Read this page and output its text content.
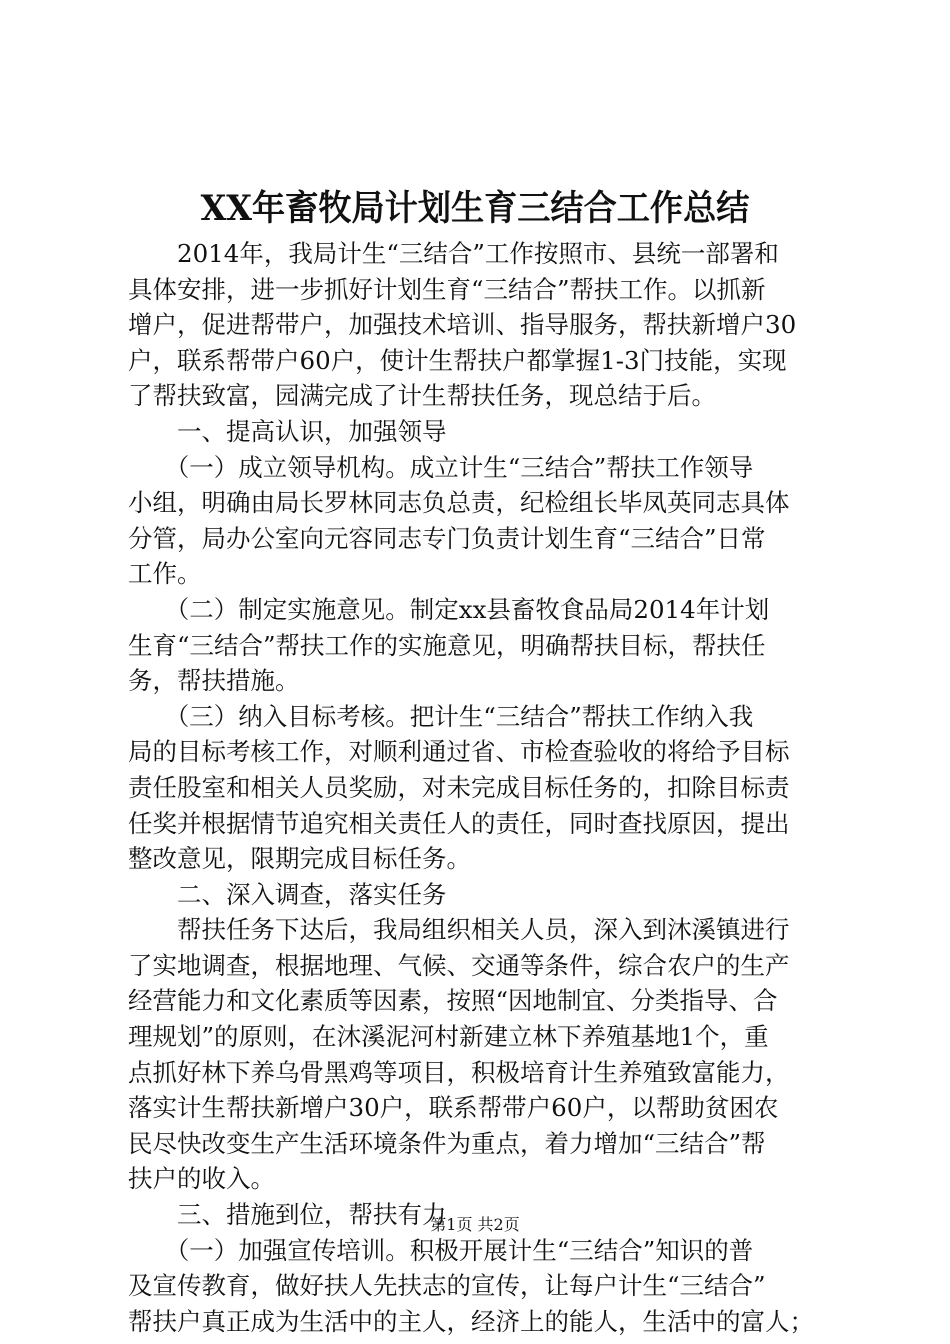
XX年畜牧局计划生育三结合工作总结
　　2014年，我局计生“三结合”工作按照市、县统一部署和
具体安排，进一步抓好计划生育“三结合”帮扶工作。以抓新
增户，促进帮带户，加强技术培训、指导服务，帮扶新增户30
户，联系帮带户60户，使计生帮扶户都掌握1-3门技能，实现
了帮扶致富，园满完成了计生帮扶任务，现总结于后。
　　一、提高认识，加强领导
　　（一）成立领导机构。成立计生“三结合”帮扶工作领导
小组，明确由局长罗林同志负总责，纪检组长毕凤英同志具体
分管，局办公室向元容同志专门负责计划生育“三结合”日常
工作。
　　（二）制定实施意见。制定xx县畜牧食品局2014年计划
生育“三结合”帮扶工作的实施意见，明确帮扶目标，帮扶任
务，帮扶措施。
　　（三）纳入目标考核。把计生“三结合”帮扶工作纳入我
局的目标考核工作，对顺利通过省、市检查验收的将给予目标
责任股室和相关人员奖励，对未完成目标任务的，扣除目标责
任奖并根据情节追究相关责任人的责任，同时查找原因，提出
整改意见，限期完成目标任务。
　　二、深入调查，落实任务
　　帮扶任务下达后，我局组织相关人员，深入到沐溪镇进行
了实地调查，根据地理、气候、交通等条件，综合农户的生产
经营能力和文化素质等因素，按照“因地制宜、分类指导、合
理规划”的原则，在沐溪泥河村新建立林下养殖基地1个，重
点抓好林下养乌骨黑鸡等项目，积极培育计生养殖致富能力，
落实计生帮扶新增户30户，联系帮带户60户，以帮助贫困农
民尽快改变生产生活环境条件为重点，着力增加“三结合”帮
扶户的收入。
　　三、措施到位，帮扶有力
　　（一）加强宣传培训。积极开展计生“三结合”知识的普
及宣传教育，做好扶人先扶志的宣传，让每户计生“三结合”
帮扶户真正成为生活中的主人，经济上的能人，生活中的富人；
第1页 共2页
